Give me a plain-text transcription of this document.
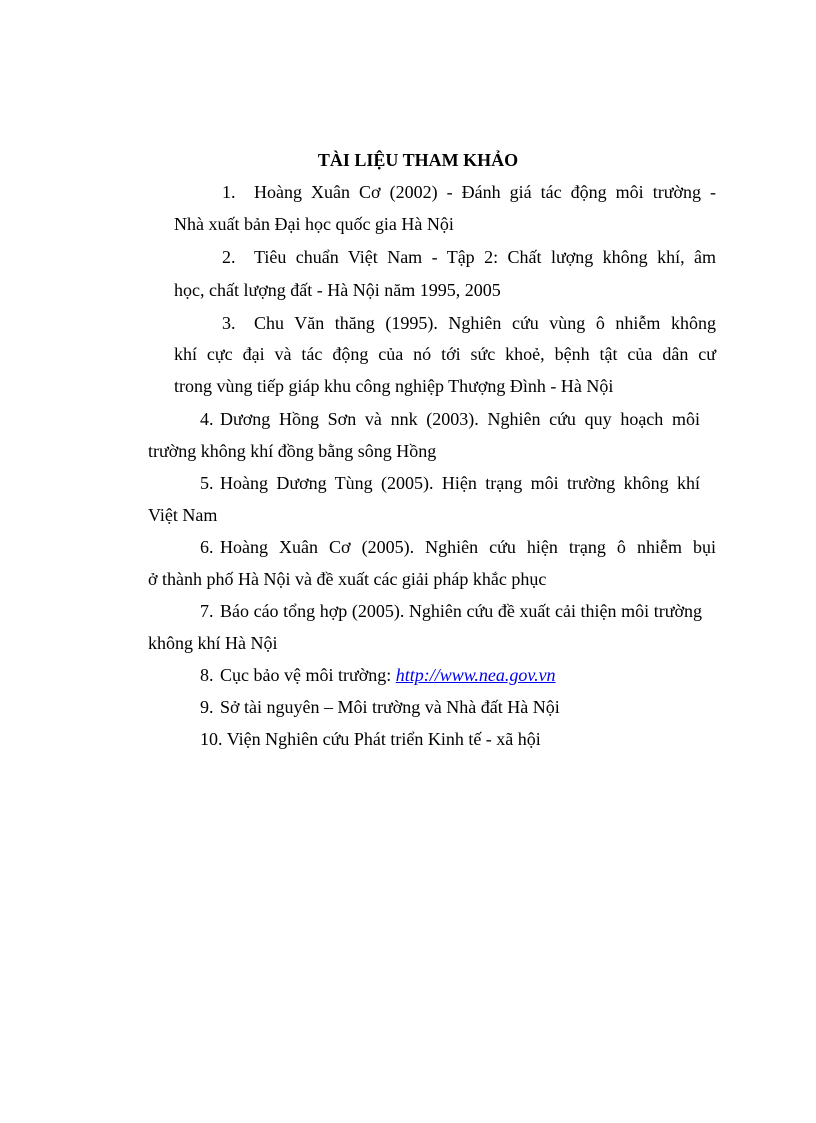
TÀI LIỆU THAM KHẢO
1. Hoàng Xuân Cơ (2002) - Đánh giá tác động môi trường -
Nhà xuất bản Đại học quốc gia Hà Nội
2. Tiêu chuẩn Việt Nam - Tập 2: Chất lượng không khí, âm
học, chất lượng đất - Hà Nội năm 1995, 2005
3. Chu Văn thăng (1995). Nghiên cứu vùng ô nhiễm không
khí cực đại và tác động của nó tới sức khoẻ, bệnh tật của dân cư
trong vùng tiếp giáp khu công nghiệp Thượng Đình - Hà Nội
4. Dương Hồng Sơn và nnk (2003). Nghiên cứu quy hoạch môi
trường không khí đồng bằng sông Hồng
5. Hoàng Dương Tùng (2005). Hiện trạng môi trường không khí
Việt Nam
6. Hoàng Xuân Cơ (2005). Nghiên cứu hiện trạng ô nhiễm bụi
ở thành phố Hà Nội và đề xuất các giải pháp khắc phục
7. Báo cáo tổng hợp (2005). Nghiên cứu đề xuất cải thiện môi trường
không khí Hà Nội
8. Cục bảo vệ môi trường: http://www.nea.gov.vn
9. Sở tài nguyên – Môi trường và Nhà đất Hà Nội
10. Viện Nghiên cứu Phát triển Kinh tế - xã hội
